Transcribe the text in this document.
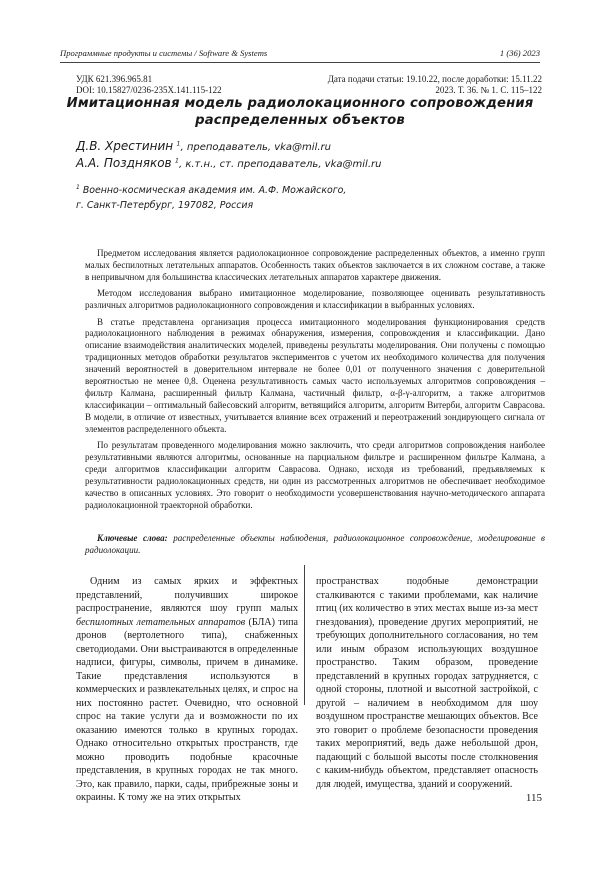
Программные продукты и системы / Software & Systems	1 (36) 2023
УДК 621.396.965.81	Дата подачи статьи: 19.10.22, после доработки: 15.11.22
DOI: 10.15827/0236-235X.141.115-122	2023. Т. 36. № 1. С. 115–122
Имитационная модель радиолокационного сопровождения
распределенных объектов
Д.В. Хрестинин $^1$, преподаватель, vka@mil.ru
А.А. Поздняков $^1$, к.т.н., ст. преподаватель, vka@mil.ru
$^1$ Военно-космическая академия им. А.Ф. Можайского,
г. Санкт-Петербург, 197082, Россия

Предметом исследования является радиолокационное сопровождение распределенных объектов, а именно групп малых беспилотных летательных аппаратов. Особенность таких объектов заключается в их сложном составе, а также в непривычном для большинства классических летательных аппаратов характере движения.

Методом исследования выбрано имитационное моделирование, позволяющее оценивать результативность различных алгоритмов радиолокационного сопровождения и классификации в выбранных условиях.

В статье представлена организация процесса имитационного моделирования функционирования средств радиолокационного наблюдения в режимах обнаружения, измерения, сопровождения и классификации. Дано описание взаимодействия аналитических моделей, приведены результаты моделирования. Они получены с помощью традиционных методов обработки результатов экспериментов с учетом их необходимого количества для получения значений вероятностей в доверительном интервале не более 0,01 от полученного значения с доверительной вероятностью не менее 0,8. Оценена результативность самых часто используемых алгоритмов сопровождения – фильтр Калмана, расширенный фильтр Калмана, частичный фильтр, α-β-γ-алгоритм, а также алгоритмов классификации – оптимальный байесовский алгоритм, ветвящийся алгоритм, алгоритм Витерби, алгоритм Саврасова. В модели, в отличие от известных, учитывается влияние всех отражений и переотражений зондирующего сигнала от элементов распределенного объекта.

По результатам проведенного моделирования можно заключить, что среди алгоритмов сопровождения наиболее результативными являются алгоритмы, основанные на парциальном фильтре и расширенном фильтре Калмана, а среди алгоритмов классификации алгоритм Саврасова. Однако, исходя из требований, предъявляемых к результативности радиолокационных средств, ни один из рассмотренных алгоритмов не обеспечивает необходимое качество в описанных условиях. Это говорит о необходимости усовершенствования научно-методического аппарата радиолокационной траекторной обработки.

Ключевые слова: распределенные объекты наблюдения, радиолокационное сопровождение, моделирование в радиолокации.

Одним из самых ярких и эффектных представлений, получивших широкое распространение, являются шоу групп малых беспилотных летательных аппаратов (БЛА) типа дронов (вертолетного типа), снабженных светодиодами. Они выстраиваются в определенные надписи, фигуры, символы, причем в динамике. Такие представления используются в коммерческих и развлекательных целях, и спрос на них постоянно растет. Очевидно, что основной спрос на такие услуги да и возможности по их оказанию имеются только в крупных городах. Однако относительно открытых пространств, где можно проводить подобные красочные представления, в крупных городах не так много. Это, как правило, парки, сады, прибрежные зоны и окраины. К тому же на этих открытых

пространствах подобные демонстрации сталкиваются с такими проблемами, как наличие птиц (их количество в этих местах выше из-за мест гнездования), проведение других мероприятий, не требующих дополнительного согласования, но тем или иным образом использующих воздушное пространство. Таким образом, проведение представлений в крупных городах затрудняется, с одной стороны, плотной и высотной застройкой, с другой – наличием в необходимом для шоу воздушном пространстве мешающих объектов. Все это говорит о проблеме безопасности проведения таких мероприятий, ведь даже небольшой дрон, падающий с большой высоты после столкновения с каким-нибудь объектом, представляет опасность для людей, имущества, зданий и сооружений.

115
